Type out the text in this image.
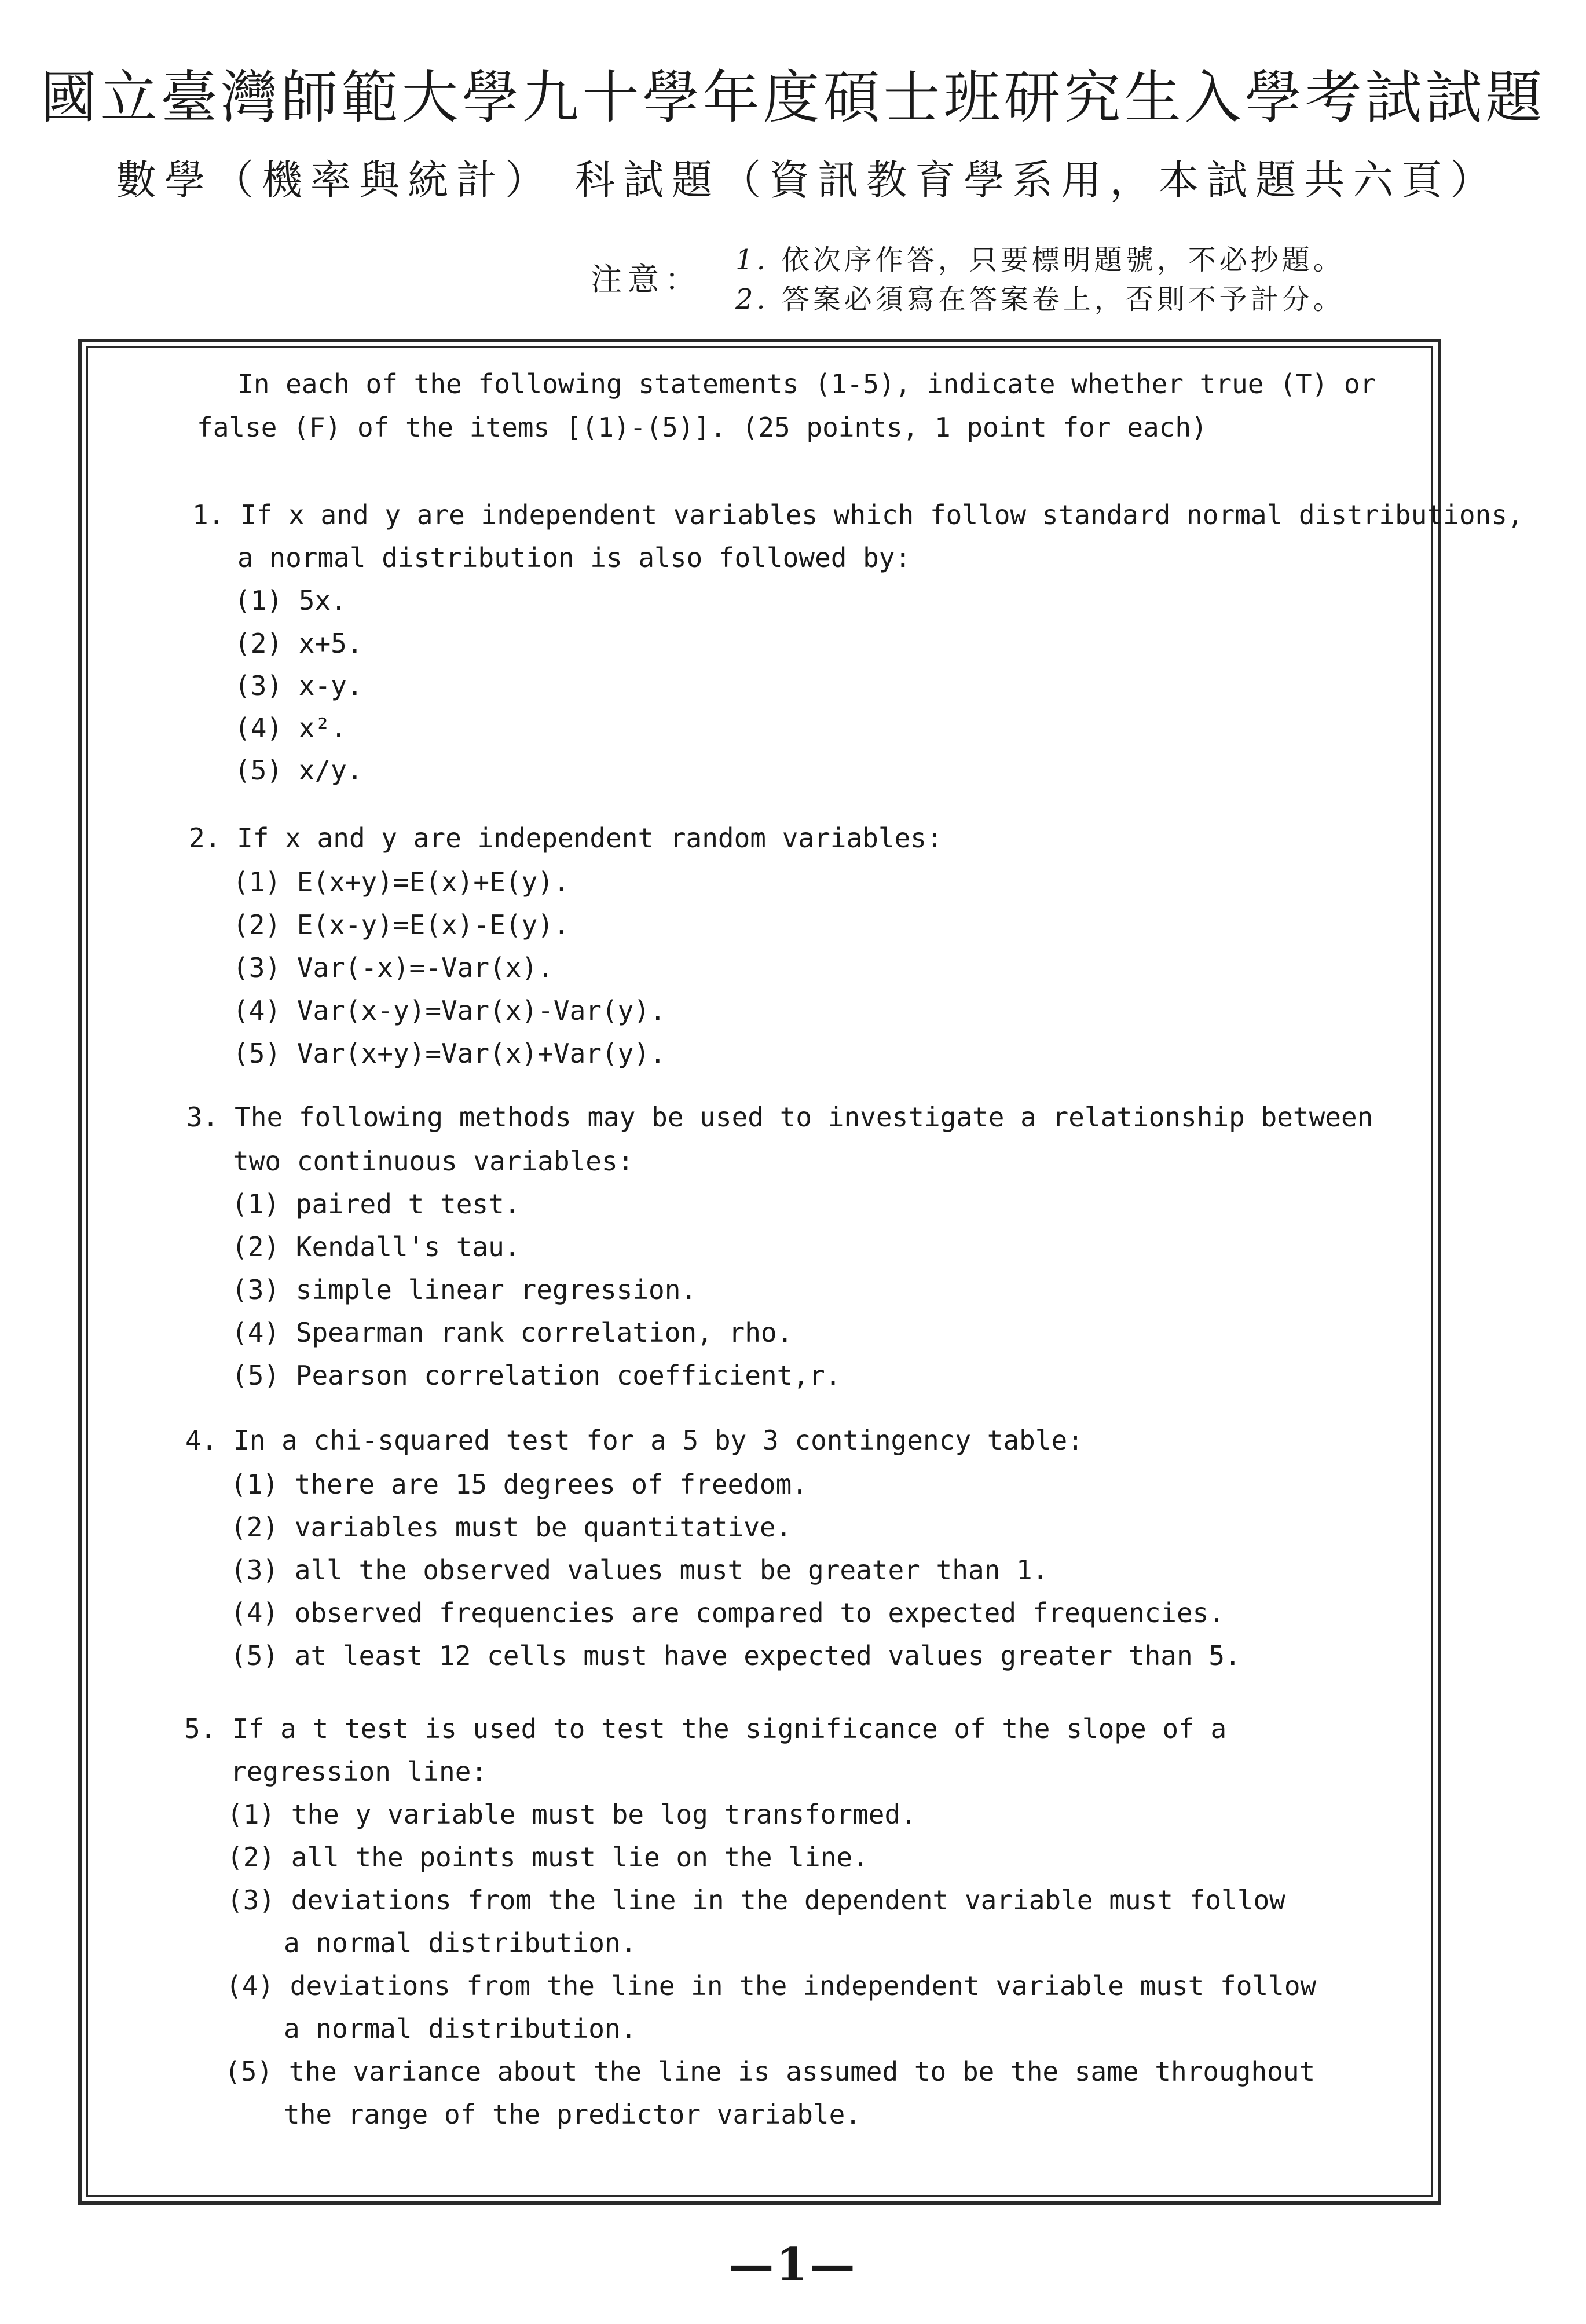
國立臺灣師範大學九十學年度碩士班研究生入學考試試題
數學（機率與統計） 科試題（資訊教育學系用，本試題共六頁）
注意：
1. 依次序作答，只要標明題號，不必抄題。
2. 答案必須寫在答案卷上，否則不予計分。
In each of the following statements (1-5), indicate whether true (T) or
false (F) of the items [(1)-(5)]. (25 points, 1 point for each)
1. If x and y are independent variables which follow standard normal distributions,
a normal distribution is also followed by:
(1) 5x.
(2) x+5.
(3) x-y.
(4) x².
(5) x/y.
2. If x and y are independent random variables:
(1) E(x+y)=E(x)+E(y).
(2) E(x-y)=E(x)-E(y).
(3) Var(-x)=-Var(x).
(4) Var(x-y)=Var(x)-Var(y).
(5) Var(x+y)=Var(x)+Var(y).
3. The following methods may be used to investigate a relationship between
two continuous variables:
(1) paired t test.
(2) Kendall's tau.
(3) simple linear regression.
(4) Spearman rank correlation, rho.
(5) Pearson correlation coefficient,r.
4. In a chi-squared test for a 5 by 3 contingency table:
(1) there are 15 degrees of freedom.
(2) variables must be quantitative.
(3) all the observed values must be greater than 1.
(4) observed frequencies are compared to expected frequencies.
(5) at least 12 cells must have expected values greater than 5.
5. If a t test is used to test the significance of the slope of a
regression line:
(1) the y variable must be log transformed.
(2) all the points must lie on the line.
(3) deviations from the line in the dependent variable must follow
a normal distribution.
(4) deviations from the line in the independent variable must follow
a normal distribution.
(5) the variance about the line is assumed to be the same throughout
the range of the predictor variable.
—1—
